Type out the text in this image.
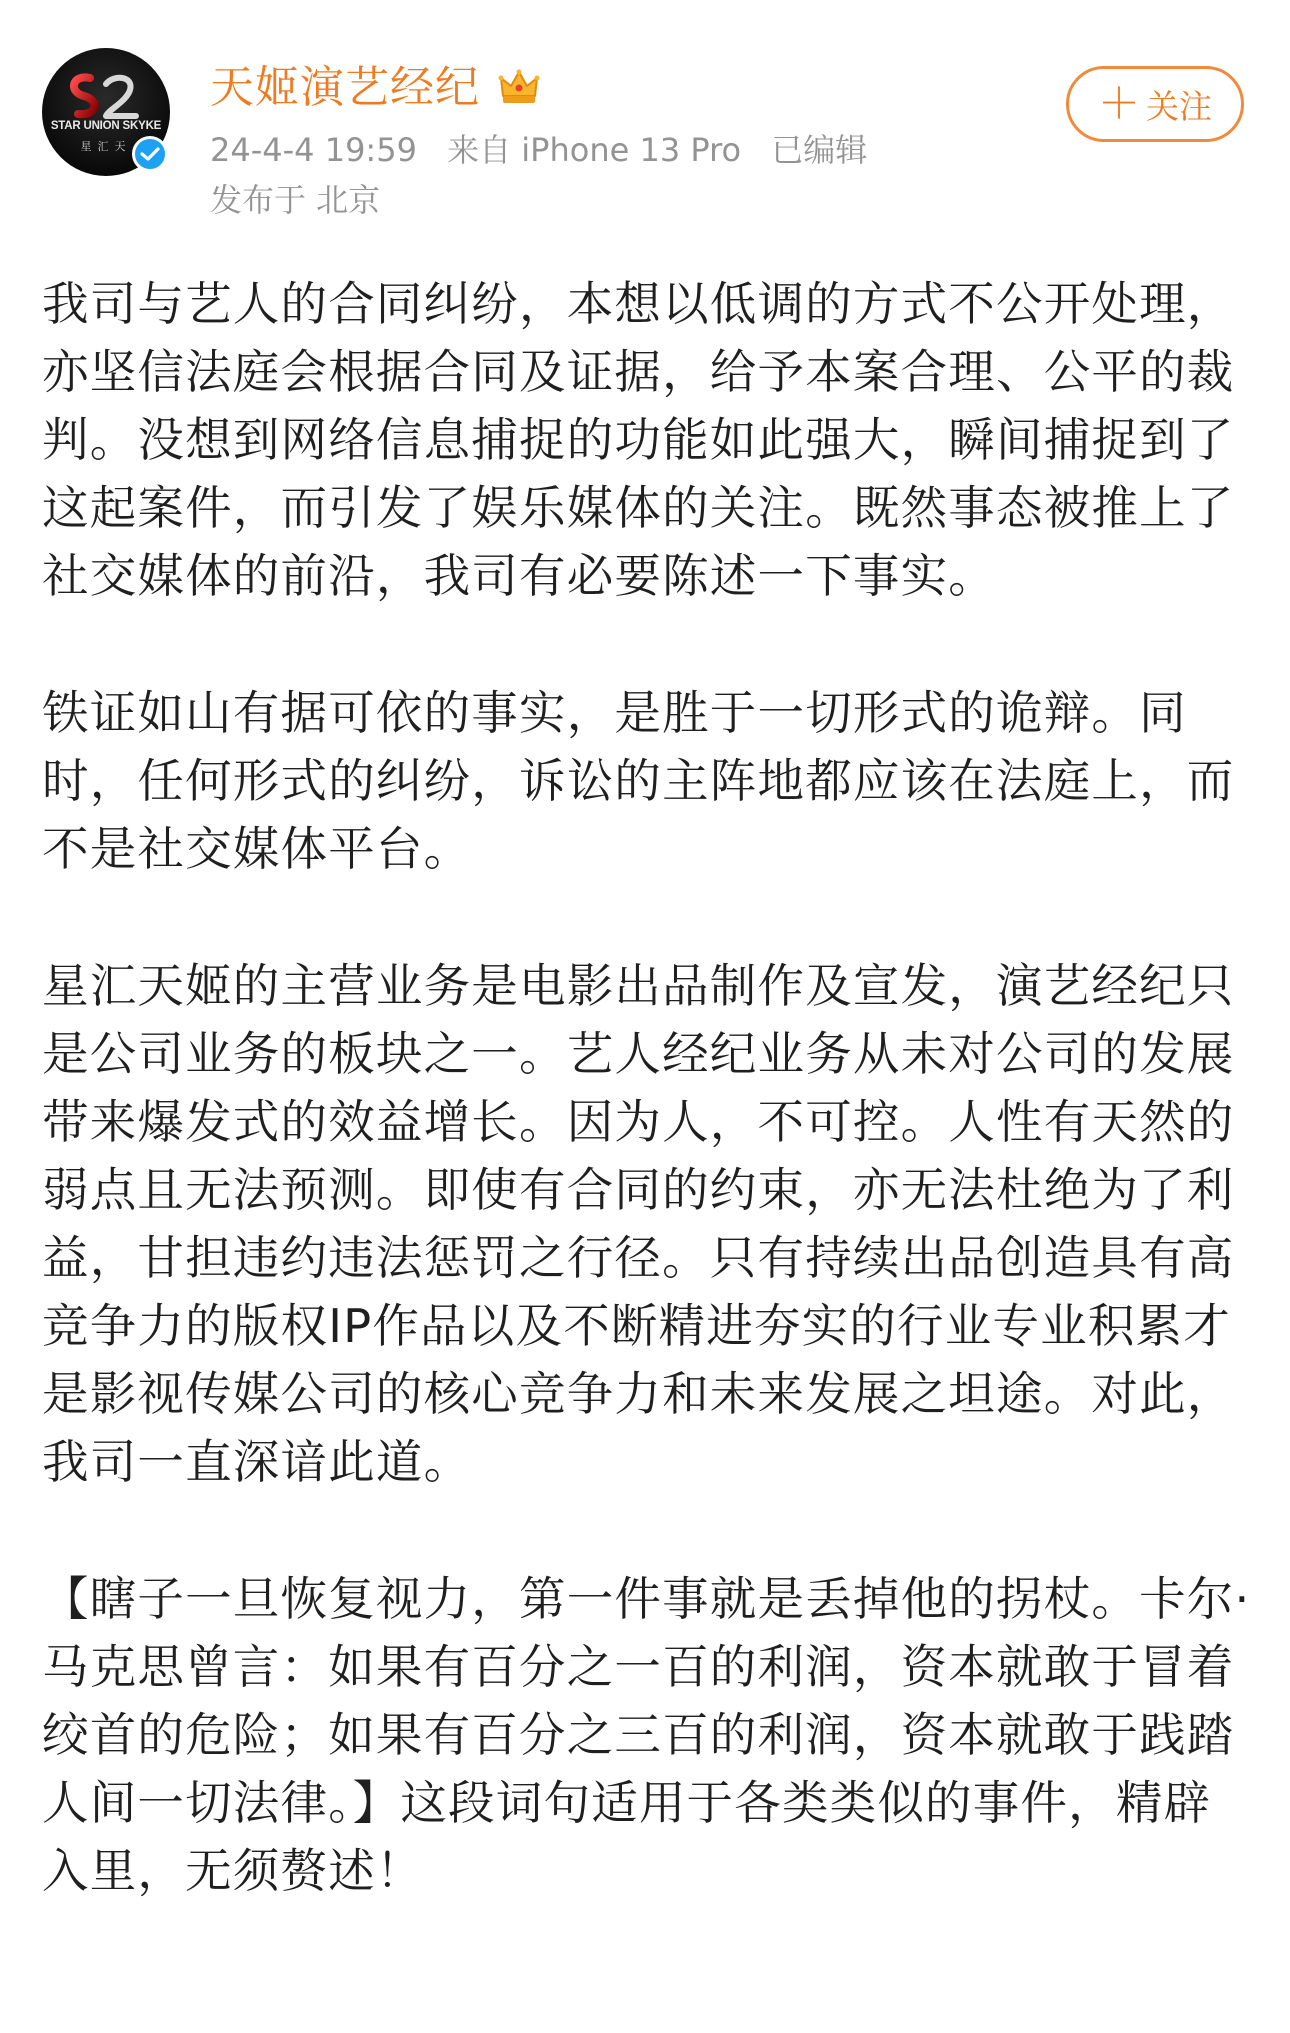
STAR UNION SKYKE
星汇天
天姬演艺经纪
24-4-4 19:59 来自 iPhone 13 Pro 已编辑
发布于 北京
＋ 关注

我司与艺人的合同纠纷，本想以低调的方式不公开处理，亦坚信法庭会根据合同及证据，给予本案合理、公平的裁判。没想到网络信息捕捉的功能如此强大，瞬间捕捉到了这起案件，而引发了娱乐媒体的关注。既然事态被推上了社交媒体的前沿，我司有必要陈述一下事实。

铁证如山有据可依的事实，是胜于一切形式的诡辩。同时，任何形式的纠纷，诉讼的主阵地都应该在法庭上，而不是社交媒体平台。

星汇天姬的主营业务是电影出品制作及宣发，演艺经纪只是公司业务的板块之一。艺人经纪业务从未对公司的发展带来爆发式的效益增长。因为人，不可控。人性有天然的弱点且无法预测。即使有合同的约束，亦无法杜绝为了利益，甘担违约违法惩罚之行径。只有持续出品创造具有高竞争力的版权IP作品以及不断精进夯实的行业专业积累才是影视传媒公司的核心竞争力和未来发展之坦途。对此，我司一直深谙此道。

【瞎子一旦恢复视力，第一件事就是丢掉他的拐杖。卡尔·马克思曾言：如果有百分之一百的利润，资本就敢于冒着绞首的危险；如果有百分之三百的利润，资本就敢于践踏人间一切法律。】这段词句适用于各类类似的事件，精辟入里，无须赘述！
